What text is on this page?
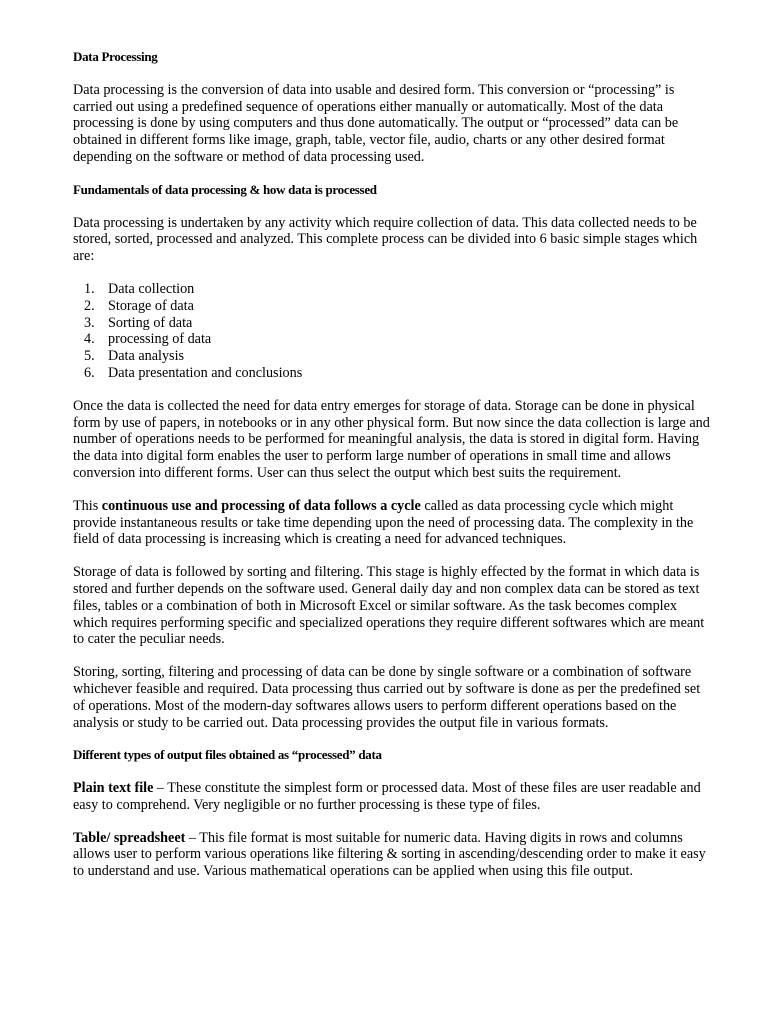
Data Processing

Data processing is the conversion of data into usable and desired form. This conversion or “processing” is carried out using a predefined sequence of operations either manually or automatically. Most of the data processing is done by using computers and thus done automatically. The output or “processed” data can be obtained in different forms like image, graph, table, vector file, audio, charts or any other desired format depending on the software or method of data processing used.

Fundamentals of data processing & how data is processed

Data processing is undertaken by any activity which require collection of data. This data collected needs to be stored, sorted, processed and analyzed. This complete process can be divided into 6 basic simple stages which are:

1. Data collection
2. Storage of data
3. Sorting of data
4. processing of data
5. Data analysis
6. Data presentation and conclusions

Once the data is collected the need for data entry emerges for storage of data. Storage can be done in physical form by use of papers, in notebooks or in any other physical form. But now since the data collection is large and number of operations needs to be performed for meaningful analysis, the data is stored in digital form. Having the data into digital form enables the user to perform large number of operations in small time and allows conversion into different forms. User can thus select the output which best suits the requirement.

This continuous use and processing of data follows a cycle called as data processing cycle which might provide instantaneous results or take time depending upon the need of processing data. The complexity in the field of data processing is increasing which is creating a need for advanced techniques.

Storage of data is followed by sorting and filtering. This stage is highly effected by the format in which data is stored and further depends on the software used. General daily day and non complex data can be stored as text files, tables or a combination of both in Microsoft Excel or similar software. As the task becomes complex which requires performing specific and specialized operations they require different softwares which are meant to cater the peculiar needs.

Storing, sorting, filtering and processing of data can be done by single software or a combination of software whichever feasible and required. Data processing thus carried out by software is done as per the predefined set of operations. Most of the modern-day softwares allows users to perform different operations based on the analysis or study to be carried out. Data processing provides the output file in various formats.

Different types of output files obtained as “processed” data

Plain text file – These constitute the simplest form or processed data. Most of these files are user readable and easy to comprehend. Very negligible or no further processing is these type of files.

Table/ spreadsheet – This file format is most suitable for numeric data. Having digits in rows and columns allows user to perform various operations like filtering & sorting in ascending/descending order to make it easy to understand and use. Various mathematical operations can be applied when using this file output.
